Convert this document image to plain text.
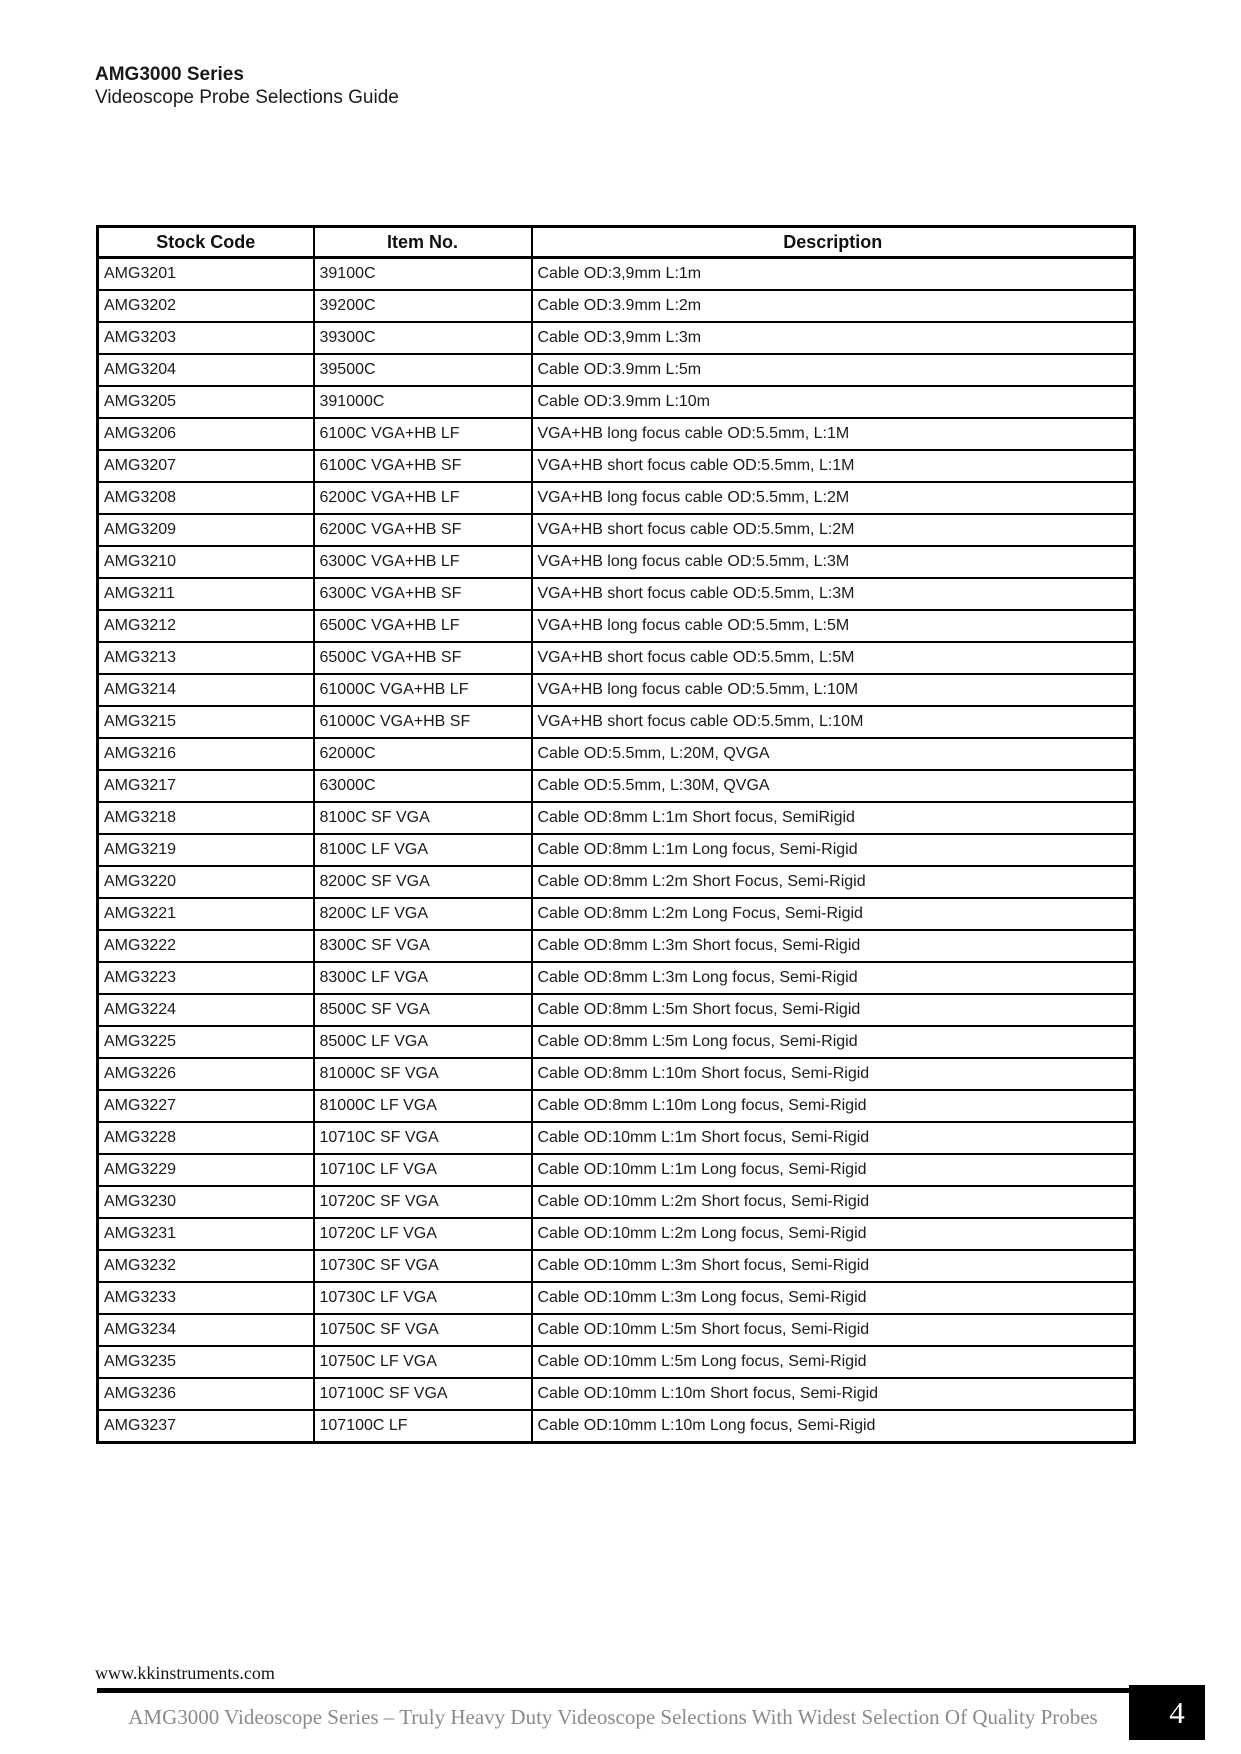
AMG3000 Series
Videoscope Probe Selections Guide
Stock Code	Item No.	Description
AMG3201	39100C	Cable OD:3,9mm L:1m
AMG3202	39200C	Cable OD:3.9mm L:2m
AMG3203	39300C	Cable OD:3,9mm L:3m
AMG3204	39500C	Cable OD:3.9mm L:5m
AMG3205	391000C	Cable OD:3.9mm L:10m
AMG3206	6100C VGA+HB LF	VGA+HB long focus cable OD:5.5mm, L:1M
AMG3207	6100C VGA+HB SF	VGA+HB short focus cable OD:5.5mm, L:1M
AMG3208	6200C VGA+HB LF	VGA+HB long focus cable OD:5.5mm, L:2M
AMG3209	6200C VGA+HB SF	VGA+HB short focus cable OD:5.5mm, L:2M
AMG3210	6300C VGA+HB LF	VGA+HB long focus cable OD:5.5mm, L:3M
AMG3211	6300C VGA+HB SF	VGA+HB short focus cable OD:5.5mm, L:3M
AMG3212	6500C VGA+HB LF	VGA+HB long focus cable OD:5.5mm, L:5M
AMG3213	6500C VGA+HB SF	VGA+HB short focus cable OD:5.5mm, L:5M
AMG3214	61000C VGA+HB LF	VGA+HB long focus cable OD:5.5mm, L:10M
AMG3215	61000C VGA+HB SF	VGA+HB short focus cable OD:5.5mm, L:10M
AMG3216	62000C	Cable OD:5.5mm, L:20M, QVGA
AMG3217	63000C	Cable OD:5.5mm, L:30M, QVGA
AMG3218	8100C SF VGA	Cable OD:8mm L:1m Short focus, SemiRigid
AMG3219	8100C LF VGA	Cable OD:8mm L:1m Long focus, Semi-Rigid
AMG3220	8200C SF VGA	Cable OD:8mm L:2m Short Focus, Semi-Rigid
AMG3221	8200C LF VGA	Cable OD:8mm L:2m Long Focus, Semi-Rigid
AMG3222	8300C SF VGA	Cable OD:8mm L:3m Short focus, Semi-Rigid
AMG3223	8300C LF VGA	Cable OD:8mm L:3m Long focus, Semi-Rigid
AMG3224	8500C SF VGA	Cable OD:8mm L:5m Short focus, Semi-Rigid
AMG3225	8500C LF VGA	Cable OD:8mm L:5m Long focus, Semi-Rigid
AMG3226	81000C SF VGA	Cable OD:8mm L:10m Short focus, Semi-Rigid
AMG3227	81000C LF VGA	Cable OD:8mm L:10m Long focus, Semi-Rigid
AMG3228	10710C SF VGA	Cable OD:10mm L:1m Short focus, Semi-Rigid
AMG3229	10710C LF VGA	Cable OD:10mm L:1m Long focus, Semi-Rigid
AMG3230	10720C SF VGA	Cable OD:10mm L:2m Short focus, Semi-Rigid
AMG3231	10720C LF VGA	Cable OD:10mm L:2m Long focus, Semi-Rigid
AMG3232	10730C SF VGA	Cable OD:10mm L:3m Short focus, Semi-Rigid
AMG3233	10730C LF VGA	Cable OD:10mm L:3m Long focus, Semi-Rigid
AMG3234	10750C SF VGA	Cable OD:10mm L:5m Short focus, Semi-Rigid
AMG3235	10750C LF VGA	Cable OD:10mm L:5m Long focus, Semi-Rigid
AMG3236	107100C SF VGA	Cable OD:10mm L:10m Short focus, Semi-Rigid
AMG3237	107100C LF	Cable OD:10mm L:10m Long focus, Semi-Rigid
www.kkinstruments.com
AMG3000 Videoscope Series – Truly Heavy Duty Videoscope Selections With Widest Selection Of Quality Probes	4
